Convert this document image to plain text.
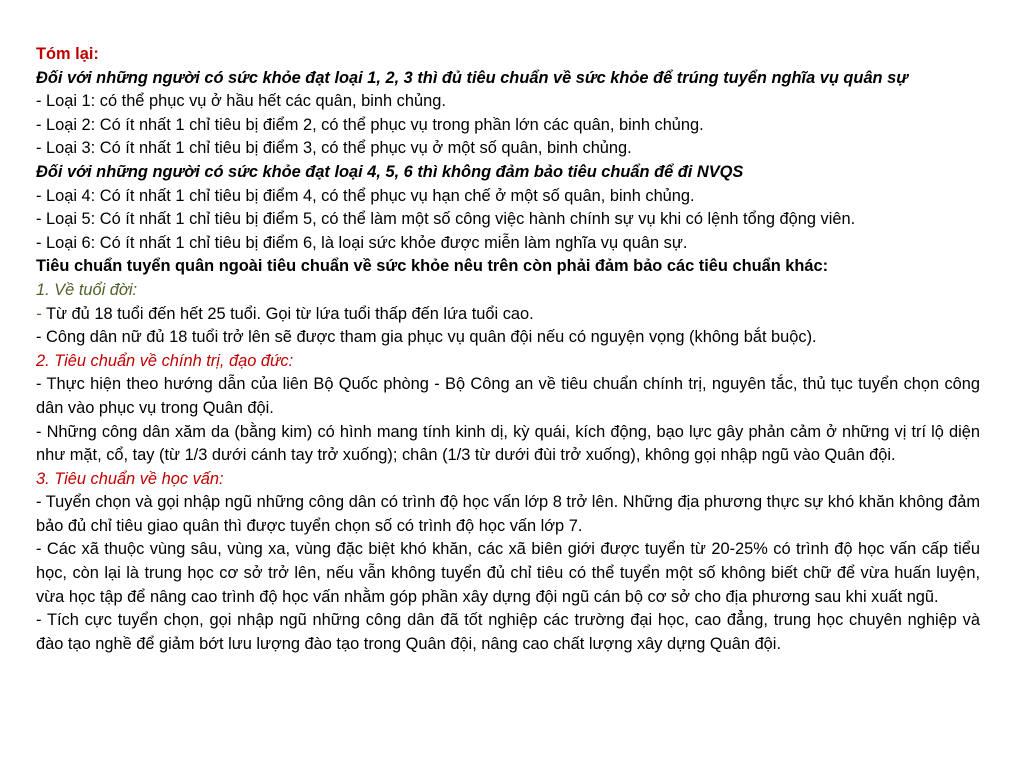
Tóm lại:
Đối với những người có sức khỏe đạt loại 1, 2, 3 thì đủ tiêu chuẩn về sức khỏe để trúng tuyển nghĩa vụ quân sự
- Loại 1: có thể phục vụ ở hầu hết các quân, binh chủng.
- Loại 2: Có ít nhất 1 chỉ tiêu bị điểm 2, có thể phục vụ trong phần lớn các quân, binh chủng.
- Loại 3: Có ít nhất 1 chỉ tiêu bị điểm 3, có thể phục vụ ở một số quân, binh chủng.
Đối với những người có sức khỏe đạt loại 4, 5, 6 thì không đảm bảo tiêu chuẩn để đi NVQS
- Loại 4: Có ít nhất 1 chỉ tiêu bị điểm 4, có thể phục vụ hạn chế ở một số quân, binh chủng.
- Loại 5: Có ít nhất 1 chỉ tiêu bị điểm 5, có thể làm một số công việc hành chính sự vụ khi có lệnh tổng động viên.
- Loại 6: Có ít nhất 1 chỉ tiêu bị điểm 6, là loại sức khỏe được miễn làm nghĩa vụ quân sự.
Tiêu chuẩn tuyển quân ngoài tiêu chuẩn về sức khỏe nêu trên còn phải đảm bảo các tiêu chuẩn khác:
1. Về tuổi đời:
- Từ đủ 18 tuổi đến hết 25 tuổi. Gọi từ lứa tuổi thấp đến lứa tuổi cao.
- Công dân nữ đủ 18 tuổi trở lên sẽ được tham gia phục vụ quân đội nếu có nguyện vọng (không bắt buộc).
2. Tiêu chuẩn về chính trị, đạo đức:
- Thực hiện theo hướng dẫn của liên Bộ Quốc phòng - Bộ Công an về tiêu chuẩn chính trị, nguyên tắc, thủ tục tuyển chọn công dân vào phục vụ trong Quân đội.
- Những công dân xăm da (bằng kim) có hình mang tính kinh dị, kỳ quái, kích động, bạo lực gây phản cảm ở những vị trí lộ diện như mặt, cổ, tay (từ 1/3 dưới cánh tay trở xuống); chân (1/3 từ dưới đùi trở xuống), không gọi nhập ngũ vào Quân đội.
3. Tiêu chuẩn về học vấn:
- Tuyển chọn và gọi nhập ngũ những công dân có trình độ học vấn lớp 8 trở lên. Những địa phương thực sự khó khăn không đảm bảo đủ chỉ tiêu giao quân thì được tuyển chọn số có trình độ học vấn lớp 7.
- Các xã thuộc vùng sâu, vùng xa, vùng đặc biệt khó khăn, các xã biên giới được tuyển từ 20-25% có trình độ học vấn cấp tiểu học, còn lại là trung học cơ sở trở lên, nếu vẫn không tuyển đủ chỉ tiêu có thể tuyển một số không biết chữ để vừa huấn luyện, vừa học tập để nâng cao trình độ học vấn nhằm góp phần xây dựng đội ngũ cán bộ cơ sở cho địa phương sau khi xuất ngũ.
- Tích cực tuyển chọn, gọi nhập ngũ những công dân đã tốt nghiệp các trường đại học, cao đẳng, trung học chuyên nghiệp và đào tạo nghề để giảm bớt lưu lượng đào tạo trong Quân đội, nâng cao chất lượng xây dựng Quân đội.
